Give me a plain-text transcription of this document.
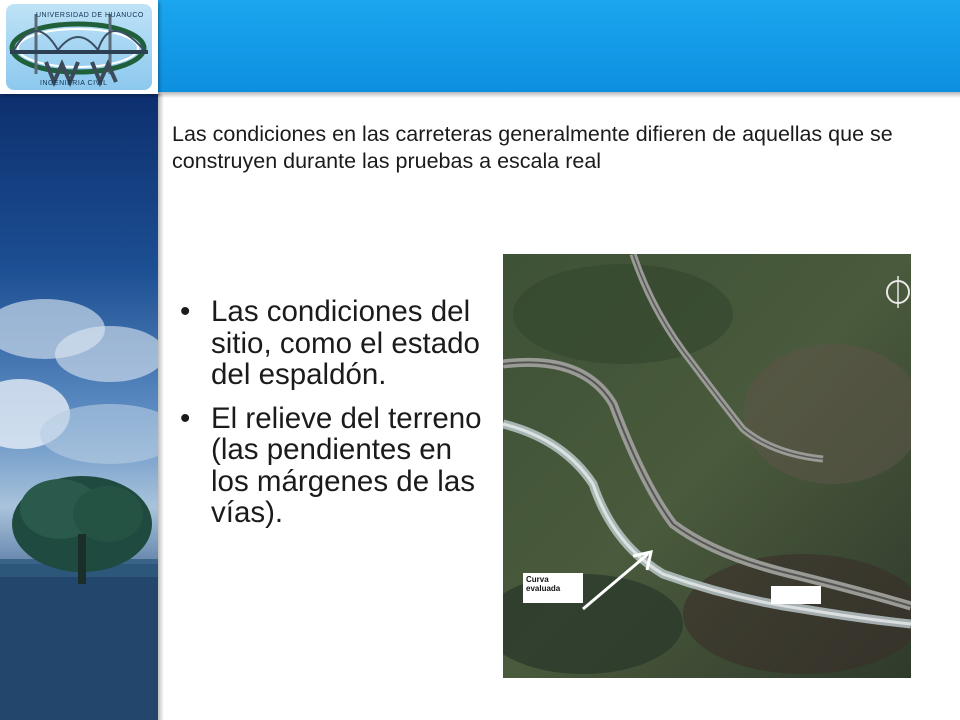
UNIVERSIDAD DE HUANUCO
INGENIERIA CIVIL

Las condiciones en las carreteras generalmente difieren de aquellas que se construyen durante las pruebas a escala real

• Las condiciones del sitio, como el estado del espaldón.
• El relieve del terreno (las pendientes en los márgenes de las vías).
Curva evaluada
